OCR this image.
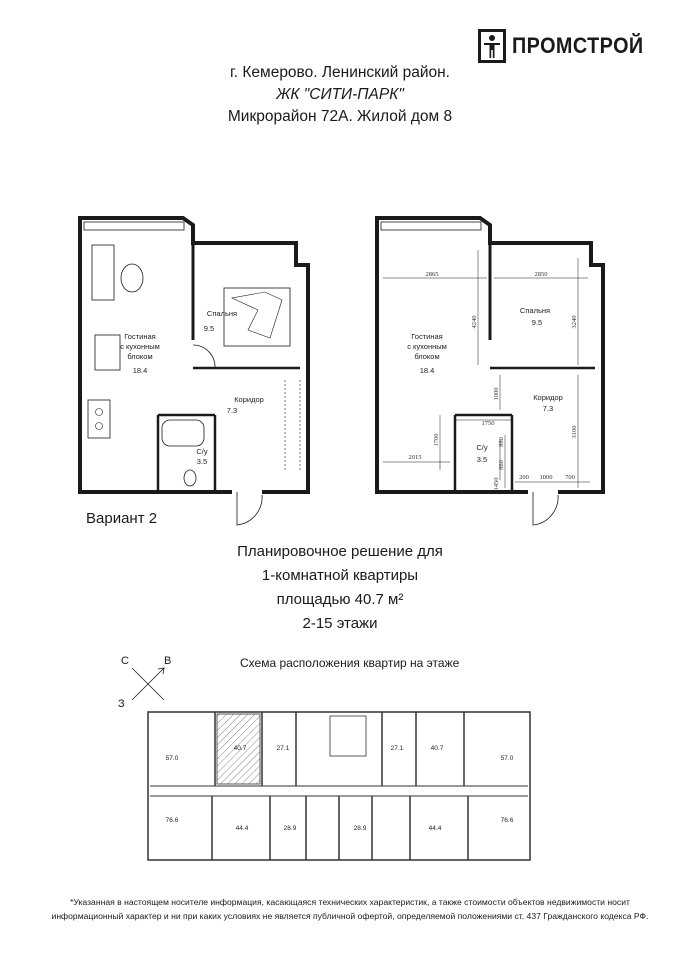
ПРОМСТРОЙ
г. Кемерово. Ленинский район.
ЖК "СИТИ-ПАРК"
Микрорайон 72А. Жилой дом 8
Спальня
9.5
Гостиная
с кухонным
блоком
18.4
Коридор
7.3
С/у
3.5
Спальня
9.5
Гостиная
с кухонным
блоком
18.4
Коридор
7.3
С/у
3.5
2865	2850
4240	3240
1000
1750
1700
3100
2015
880
860
1450	200 1000 700
С	В
З
57.0
40.7	27.1	27.1	40.7
57.0
76.6
44.4	28.9	28.9	44.4
76.6
Вариант 2
Планировочное решение для
1-комнатной квартиры
площадью 40.7 м²
2-15 этажи
Схема расположения квартир на этаже
*Указанная в настоящем носителе информация, касающаяся технических характеристик, а также стоимости объектов недвижимости носит
информационный характер и ни при каких условиях не является публичной офертой, определяемой положениями ст. 437 Гражданского кодекса РФ.
